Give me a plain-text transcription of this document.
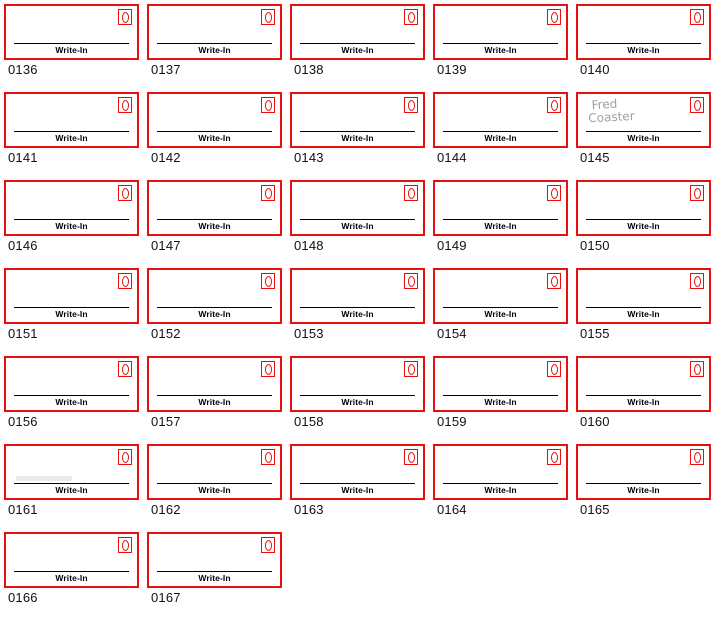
Write-In
0136
Write-In
0137
Write-In
0138
Write-In
0139
Write-In
0140
Write-In
0141
Write-In
0142
Write-In
0143
Write-In
0144
Fred
Coaster
Write-In
0145
Write-In
0146
Write-In
0147
Write-In
0148
Write-In
0149
Write-In
0150
Write-In
0151
Write-In
0152
Write-In
0153
Write-In
0154
Write-In
0155
Write-In
0156
Write-In
0157
Write-In
0158
Write-In
0159
Write-In
0160
Write-In
0161
Write-In
0162
Write-In
0163
Write-In
0164
Write-In
0165
Write-In
0166
Write-In
0167
